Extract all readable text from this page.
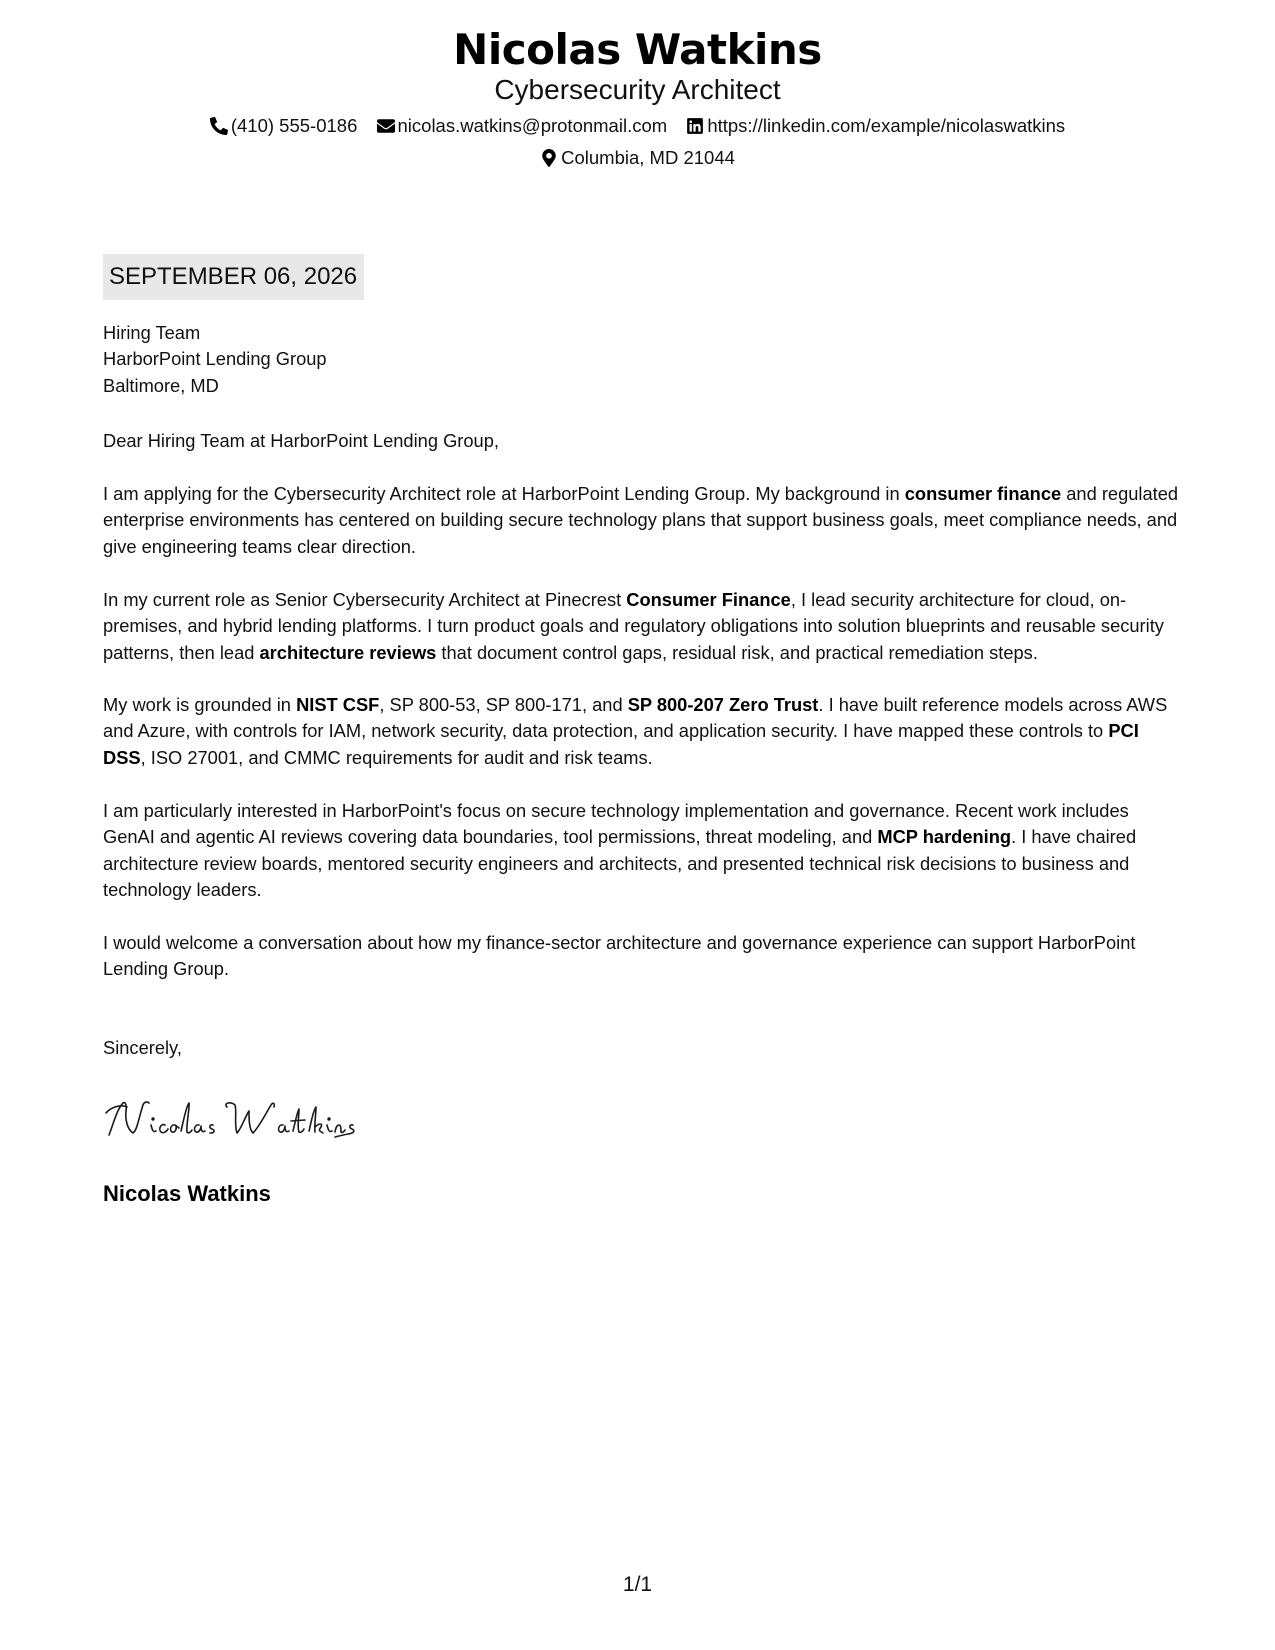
Nicolas Watkins
Cybersecurity Architect
(410) 555-0186 nicolas.watkins@protonmail.com https://linkedin.com/example/nicolaswatkins
Columbia, MD 21044
SEPTEMBER 06, 2026
Hiring Team
HarborPoint Lending Group
Baltimore, MD
Dear Hiring Team at HarborPoint Lending Group,
I am applying for the Cybersecurity Architect role at HarborPoint Lending Group. My background in consumer finance and regulated enterprise environments has centered on building secure technology plans that support business goals, meet compliance needs, and give engineering teams clear direction.
In my current role as Senior Cybersecurity Architect at Pinecrest Consumer Finance, I lead security architecture for cloud, on-premises, and hybrid lending platforms. I turn product goals and regulatory obligations into solution blueprints and reusable security patterns, then lead architecture reviews that document control gaps, residual risk, and practical remediation steps.
My work is grounded in NIST CSF, SP 800-53, SP 800-171, and SP 800-207 Zero Trust. I have built reference models across AWS and Azure, with controls for IAM, network security, data protection, and application security. I have mapped these controls to PCI DSS, ISO 27001, and CMMC requirements for audit and risk teams.
I am particularly interested in HarborPoint's focus on secure technology implementation and governance. Recent work includes GenAI and agentic AI reviews covering data boundaries, tool permissions, threat modeling, and MCP hardening. I have chaired architecture review boards, mentored security engineers and architects, and presented technical risk decisions to business and technology leaders.
I would welcome a conversation about how my finance-sector architecture and governance experience can support HarborPoint Lending Group.
Sincerely,
Nicolas Watkins
1/1
